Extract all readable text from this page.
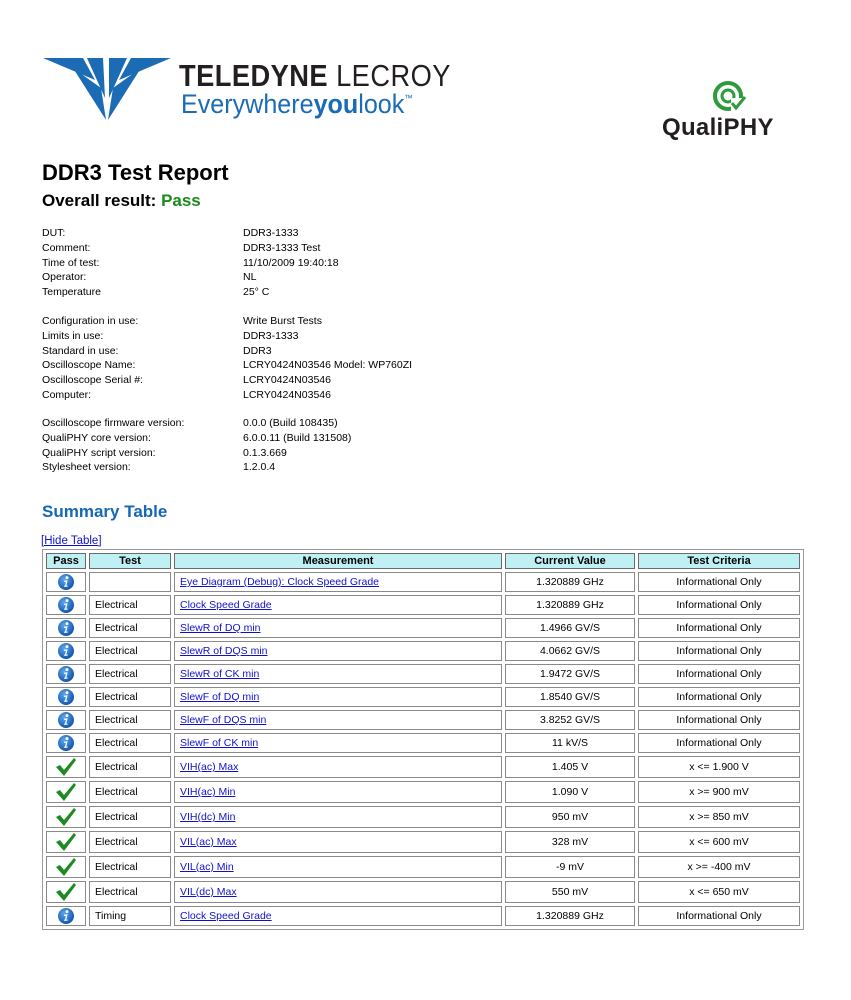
TELEDYNE LECROY
Everywhereyoulook™
QualiPHY
DDR3 Test Report
Overall result: Pass
DUT:	DDR3-1333
Comment:	DDR3-1333 Test
Time of test:	11/10/2009 19:40:18
Operator:	NL
Temperature	25° C
Configuration in use:	Write Burst Tests
Limits in use:	DDR3-1333
Standard in use:	DDR3
Oscilloscope Name:	LCRY0424N03546 Model: WP760ZI
Oscilloscope Serial #:	LCRY0424N03546
Computer:	LCRY0424N03546
Oscilloscope firmware version:	0.0.0 (Build 108435)
QualiPHY core version:	6.0.0.11 (Build 131508)
QualiPHY script version:	0.1.3.669
Stylesheet version:	1.2.0.4
Summary Table
[Hide Table]
Pass	Test	Measurement	Current Value	Test Criteria
		Eye Diagram (Debug): Clock Speed Grade	1.320889 GHz	Informational Only
	Electrical	Clock Speed Grade	1.320889 GHz	Informational Only
	Electrical	SlewR of DQ min	1.4966 GV/S	Informational Only
	Electrical	SlewR of DQS min	4.0662 GV/S	Informational Only
	Electrical	SlewR of CK min	1.9472 GV/S	Informational Only
	Electrical	SlewF of DQ min	1.8540 GV/S	Informational Only
	Electrical	SlewF of DQS min	3.8252 GV/S	Informational Only
	Electrical	SlewF of CK min	11 kV/S	Informational Only
	Electrical	VIH(ac) Max	1.405 V	x <= 1.900 V
	Electrical	VIH(ac) Min	1.090 V	x >= 900 mV
	Electrical	VIH(dc) Min	950 mV	x >= 850 mV
	Electrical	VIL(ac) Max	328 mV	x <= 600 mV
	Electrical	VIL(ac) Min	-9 mV	x >= -400 mV
	Electrical	VIL(dc) Max	550 mV	x <= 650 mV
	Timing	Clock Speed Grade	1.320889 GHz	Informational Only
